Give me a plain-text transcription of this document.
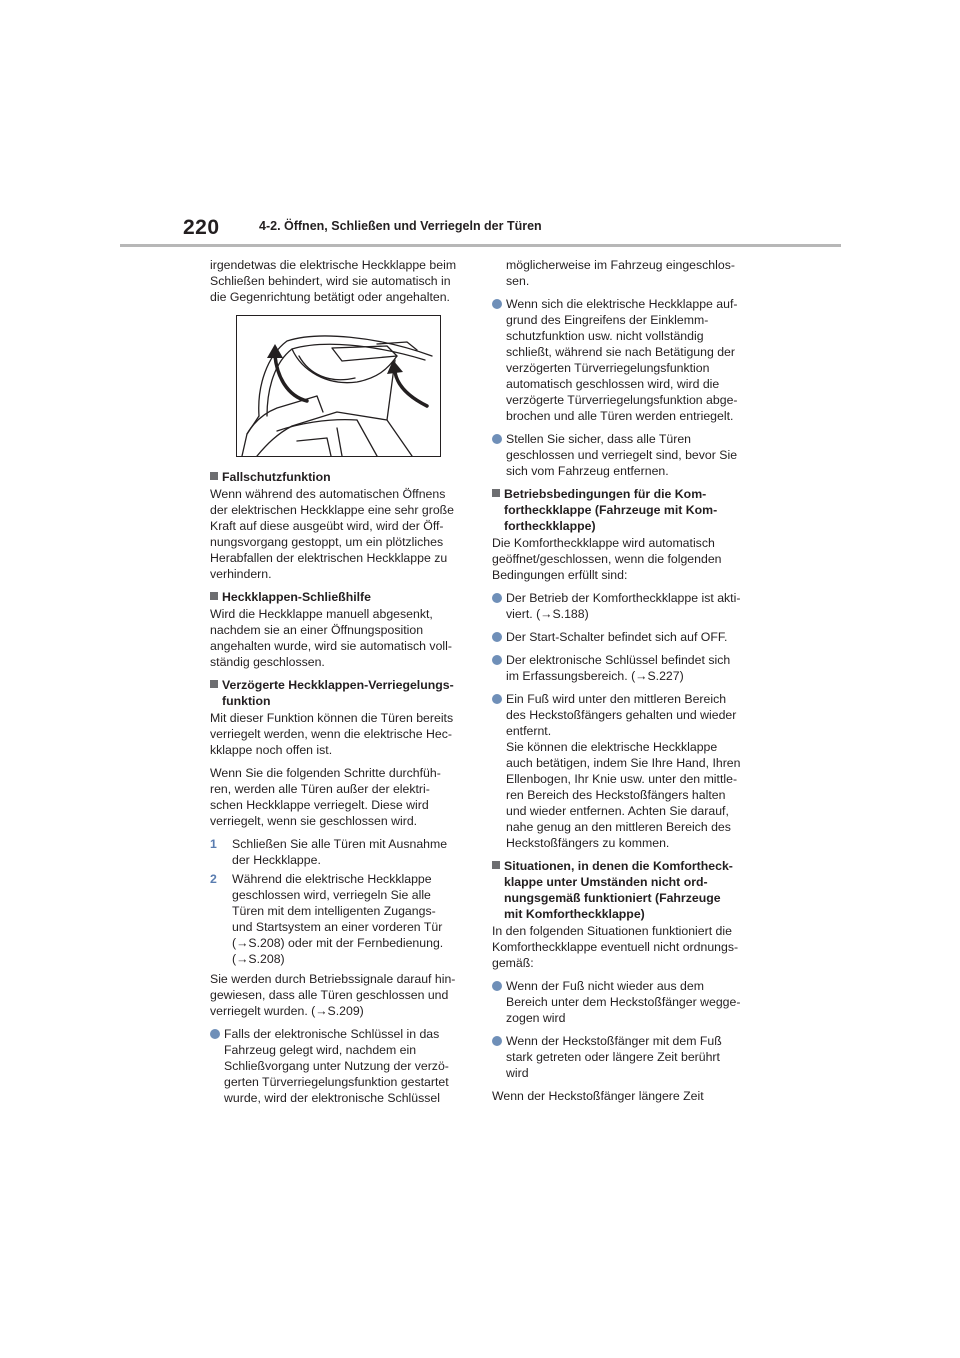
220	4-2. Öffnen, Schließen und Verriegeln der Türen
irgendetwas die elektrische Heckklappe beim
Schließen behindert, wird sie automatisch in
die Gegenrichtung betätigt oder angehalten.
Fallschutzfunktion
Wenn während des automatischen Öffnens
der elektrischen Heckklappe eine sehr große
Kraft auf diese ausgeübt wird, wird der Öff-
nungsvorgang gestoppt, um ein plötzliches
Herabfallen der elektrischen Heckklappe zu
verhindern.
Heckklappen-Schließhilfe
Wird die Heckklappe manuell abgesenkt,
nachdem sie an einer Öffnungsposition
angehalten wurde, wird sie automatisch voll-
ständig geschlossen.
Verzögerte Heckklappen-Verriegelungs-
funktion
Mit dieser Funktion können die Türen bereits
verriegelt werden, wenn die elektrische Hec-
kklappe noch offen ist.
Wenn Sie die folgenden Schritte durchfüh-
ren, werden alle Türen außer der elektri-
schen Heckklappe verriegelt. Diese wird
verriegelt, wenn sie geschlossen wird.
1 Schließen Sie alle Türen mit Ausnahme
der Heckklappe.
2 Während die elektrische Heckklappe
geschlossen wird, verriegeln Sie alle
Türen mit dem intelligenten Zugangs-
und Startsystem an einer vorderen Tür
(→S.208) oder mit der Fernbedienung.
(→S.208)
Sie werden durch Betriebssignale darauf hin-
gewiesen, dass alle Türen geschlossen und
verriegelt wurden. (→S.209)
Falls der elektronische Schlüssel in das
Fahrzeug gelegt wird, nachdem ein
Schließvorgang unter Nutzung der verzö-
gerten Türverriegelungsfunktion gestartet
wurde, wird der elektronische Schlüssel
möglicherweise im Fahrzeug eingeschlos-
sen.
Wenn sich die elektrische Heckklappe auf-
grund des Eingreifens der Einklemm-
schutzfunktion usw. nicht vollständig
schließt, während sie nach Betätigung der
verzögerten Türverriegelungsfunktion
automatisch geschlossen wird, wird die
verzögerte Türverriegelungsfunktion abge-
brochen und alle Türen werden entriegelt.
Stellen Sie sicher, dass alle Türen
geschlossen und verriegelt sind, bevor Sie
sich vom Fahrzeug entfernen.
Betriebsbedingungen für die Kom-
fortheckklappe (Fahrzeuge mit Kom-
fortheckklappe)
Die Komfortheckklappe wird automatisch
geöffnet/geschlossen, wenn die folgenden
Bedingungen erfüllt sind:
Der Betrieb der Komfortheckklappe ist akti-
viert. (→S.188)
Der Start-Schalter befindet sich auf OFF.
Der elektronische Schlüssel befindet sich
im Erfassungsbereich. (→S.227)
Ein Fuß wird unter den mittleren Bereich
des Heckstoßfängers gehalten und wieder
entfernt.
Sie können die elektrische Heckklappe
auch betätigen, indem Sie Ihre Hand, Ihren
Ellenbogen, Ihr Knie usw. unter den mittle-
ren Bereich des Heckstoßfängers halten
und wieder entfernen. Achten Sie darauf,
nahe genug an den mittleren Bereich des
Heckstoßfängers zu kommen.
Situationen, in denen die Komfortheck-
klappe unter Umständen nicht ord-
nungsgemäß funktioniert (Fahrzeuge
mit Komfortheckklappe)
In den folgenden Situationen funktioniert die
Komfortheckklappe eventuell nicht ordnungs-
gemäß:
Wenn der Fuß nicht wieder aus dem
Bereich unter dem Heckstoßfänger wegge-
zogen wird
Wenn der Heckstoßfänger mit dem Fuß
stark getreten oder längere Zeit berührt
wird
Wenn der Heckstoßfänger längere Zeit
